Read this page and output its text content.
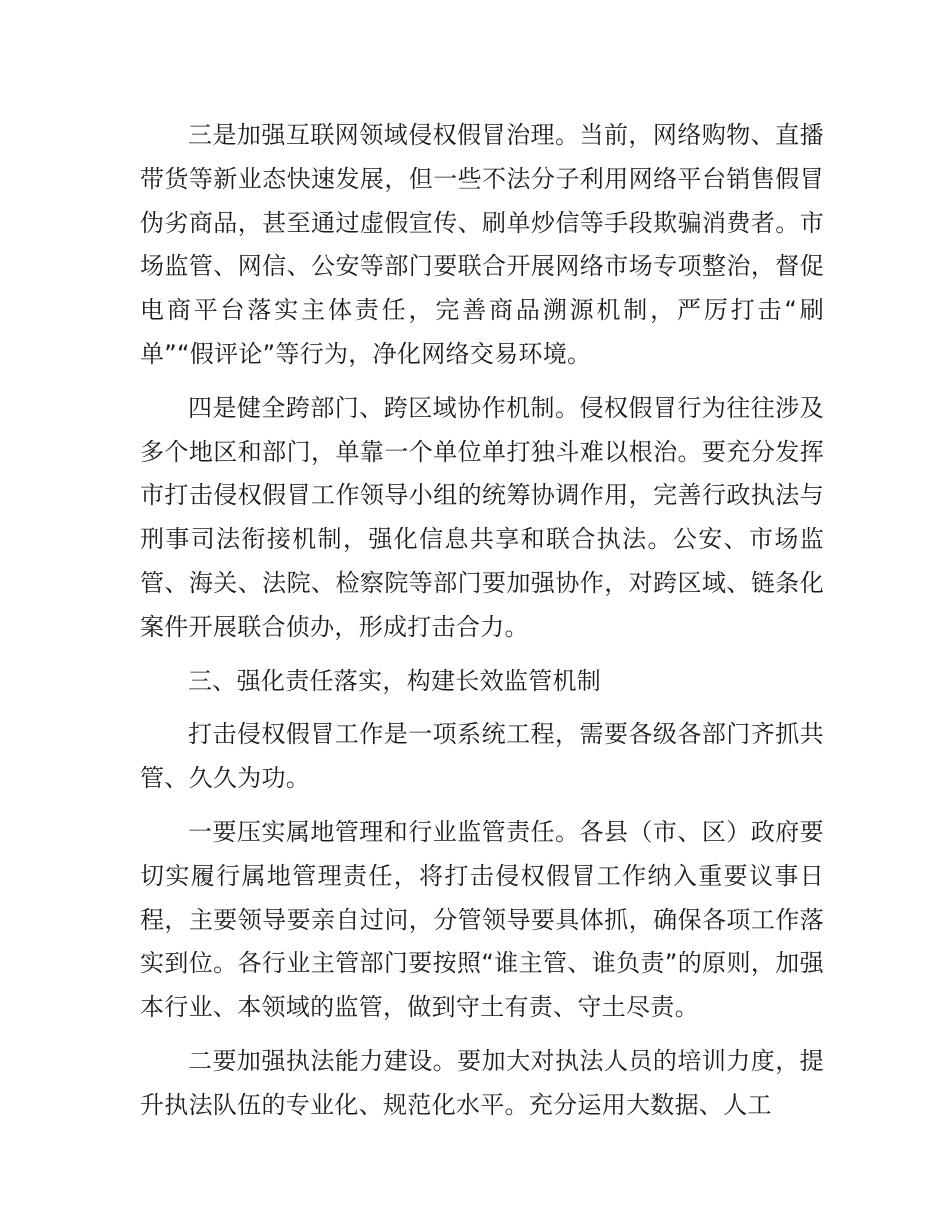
三是加强互联网领域侵权假冒治理。当前，网络购物、直播带货等新业态快速发展，但一些不法分子利用网络平台销售假冒伪劣商品，甚至通过虚假宣传、刷单炒信等手段欺骗消费者。市场监管、网信、公安等部门要联合开展网络市场专项整治，督促电商平台落实主体责任，完善商品溯源机制，严厉打击“刷单”“假评论”等行为，净化网络交易环境。

四是健全跨部门、跨区域协作机制。侵权假冒行为往往涉及多个地区和部门，单靠一个单位单打独斗难以根治。要充分发挥市打击侵权假冒工作领导小组的统筹协调作用，完善行政执法与刑事司法衔接机制，强化信息共享和联合执法。公安、市场监管、海关、法院、检察院等部门要加强协作，对跨区域、链条化案件开展联合侦办，形成打击合力。

三、强化责任落实，构建长效监管机制

打击侵权假冒工作是一项系统工程，需要各级各部门齐抓共管、久久为功。

一要压实属地管理和行业监管责任。各县（市、区）政府要切实履行属地管理责任，将打击侵权假冒工作纳入重要议事日程，主要领导要亲自过问，分管领导要具体抓，确保各项工作落实到位。各行业主管部门要按照“谁主管、谁负责”的原则，加强本行业、本领域的监管，做到守土有责、守土尽责。

二要加强执法能力建设。要加大对执法人员的培训力度，提升执法队伍的专业化、规范化水平。充分运用大数据、人工
